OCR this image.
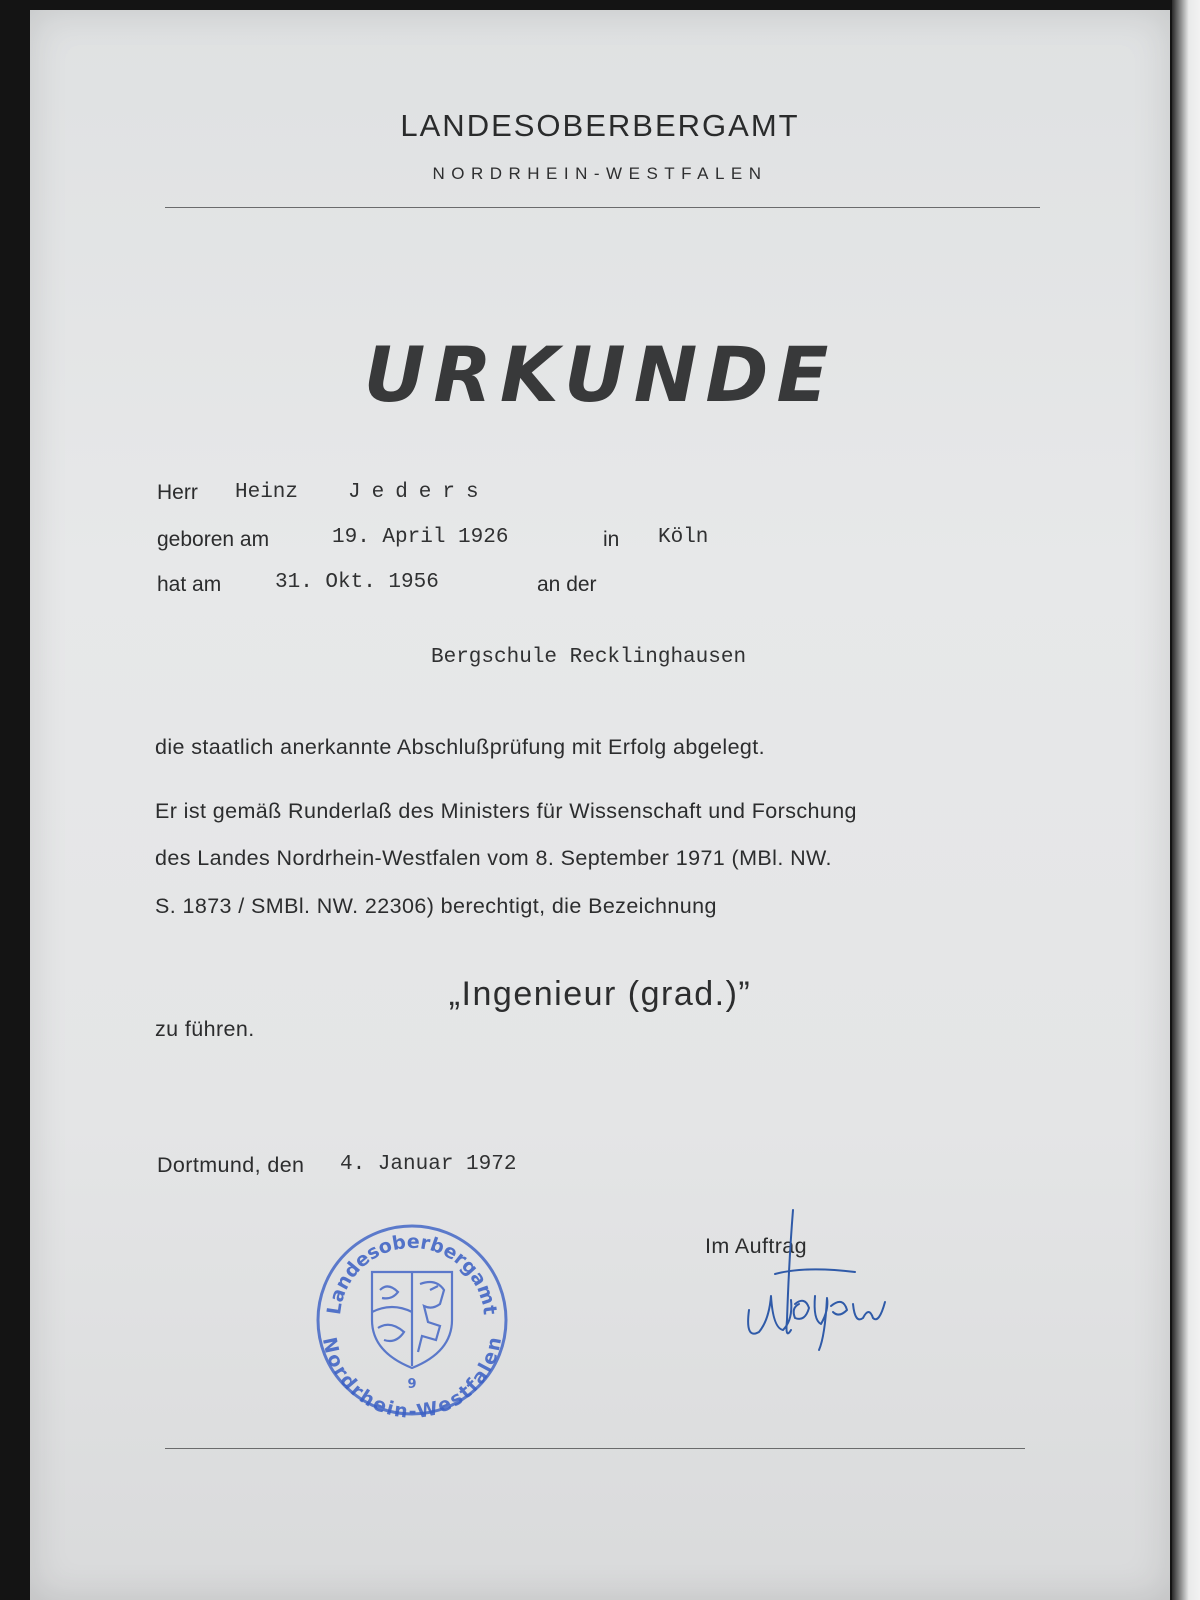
LANDESOBERBERGAMT
NORDRHEIN-WESTFALEN
URKUNDE
Herr Heinz Jeders
geboren am	19. April 1926	in Köln
hat am	31. Okt. 1956	an der
Bergschule Recklinghausen
die staatlich anerkannte Abschlußprüfung mit Erfolg abgelegt.
Er ist gemäß Runderlaß des Ministers für Wissenschaft und Forschung
des Landes Nordrhein-Westfalen vom 8. September 1971 (MBl. NW.
S. 1873 / SMBl. NW. 22306) berechtigt, die Bezeichnung
„Ingenieur (grad.)”
zu führen.
Dortmund, den 4. Januar 1972
Landesoberbergamt
Nordrhein-Westfalen
9
Im Auftrag
